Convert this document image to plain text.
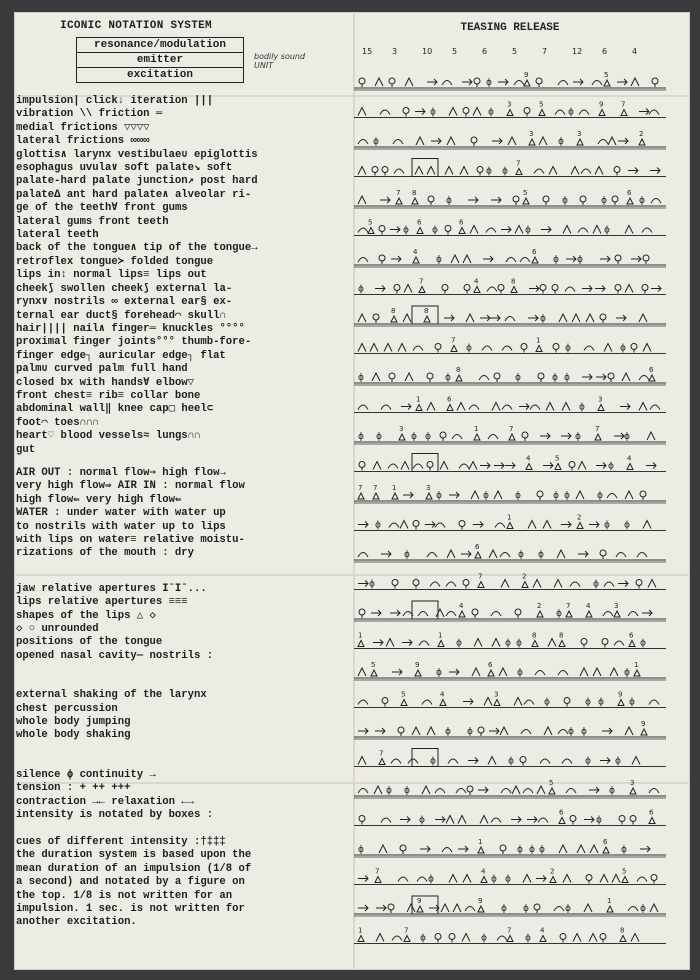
ICONIC NOTATION SYSTEM
resonance/modulation
emitter
excitation
bodily sound UNIT
impulsion| click↓ iteration |||
vibration \\ friction ═
medial frictions ▽▽▽▽
lateral frictions ∞∞∞
glottis∧ larynx vestibulae∪ epiglottis
esophagus uvula∨ soft palate↘ soft
palate-hard palate junction↗ post hard
palateΔ ant hard palate∧ alveolar ri-
ge of the teeth∀ front gums
lateral gums front teeth
lateral teeth
back of the tongue∧ tip of the tongue→
retroflex tongue≻ folded tongue
lips in↕ normal lips≡ lips out
cheek⟆ swollen cheek⟆ external la-
rynx∨ nostrils ∞ external ear§ ex-
ternal ear duct§ forehead⌒ skull∩
hair|||| nail∧ finger═ knuckles °°°°
proximal finger joints°°° thumb-fore-
finger edge┐ auricular edge┐ flat
palm∪ curved palm full hand
closed bx with hands∀ elbow▽
front chest≡ rib≡ collar bone
abdominal wall‖ knee cap▢ heel⊂
foot⌒ toes∩∩∩
heart♡ blood vessels≈ lungs∩∩
gut
AIR OUT : normal flow⇒ high flow→
very high flow⇛ AIR IN : normal flow
high flow⇚ very high flow⇚
WATER : under water with water up
to nostrils with water up to lips
with lips on water≡ relative moistu-
rizations of the mouth : dry
jaw relative apertures IˉIˉ...
lips relative apertures ≡≡≡
shapes of the lips △ ◇
◇ ○ unrounded
positions of the tongue
opened nasal cavity— nostrils :
external shaking of the larynx
chest percussion
whole body jumping
whole body shaking
silence ϕ continuity →
tension : + ++ +++
contraction →← relaxation ←→
intensity is notated by boxes :

cues of different intensity :†‡‡‡
the duration system is based upon the
mean duration of an impulsion (1/8 of
a second) and notated by a figure on
the top. 1/8 is not written for an
impulsion. 1 sec. is not written for
another excitation.
TEASING RELEASE
15 3	10 5	6	5	7	12 6	4
ϕ
9	5
ϕ	ϕ
3	5
ϕ
9	7
ϕ
3
ϕ
3	2
ϕ ϕ
7
7 8
ϕ
5
ϕ	ϕ
6
ϕ
5
ϕ
6
ϕ
6
ϕ	ϕ
4
ϕ
6
ϕ ϕ
ϕ
7	4	8
8	8
ϕ
7
ϕ
1
ϕ	ϕ
ϕ	ϕ
8
ϕ	ϕ ϕ
6
1	6
ϕ
3
ϕ ϕ
3
ϕ ϕ
1	7
ϕ
7
ϕ
4	5
ϕ
4
7 7 1	3
ϕ	ϕ	ϕ	ϕ ϕ	ϕ
ϕ
1	2
ϕ ϕ
ϕ
6
ϕ ϕ
ϕ
7	2
ϕ
4	2
ϕ
7 4	3
1	1
ϕ	ϕ ϕ
8	8	6
ϕ
5	9
ϕ
6
ϕ	ϕ
1
5	4	3
ϕ	ϕ ϕ
9
ϕ
ϕ ϕ	ϕ ϕ
9
7
ϕ	ϕ	ϕ	ϕ
ϕ ϕ
5
ϕ
3
ϕ
6
ϕ
6
ϕ
1
ϕ ϕ ϕ
6
ϕ
7
ϕ
4
ϕ ϕ
2	5
9	9
ϕ ϕ	ϕ
1
ϕ
1	7
ϕ	ϕ
7
ϕ
4	8
